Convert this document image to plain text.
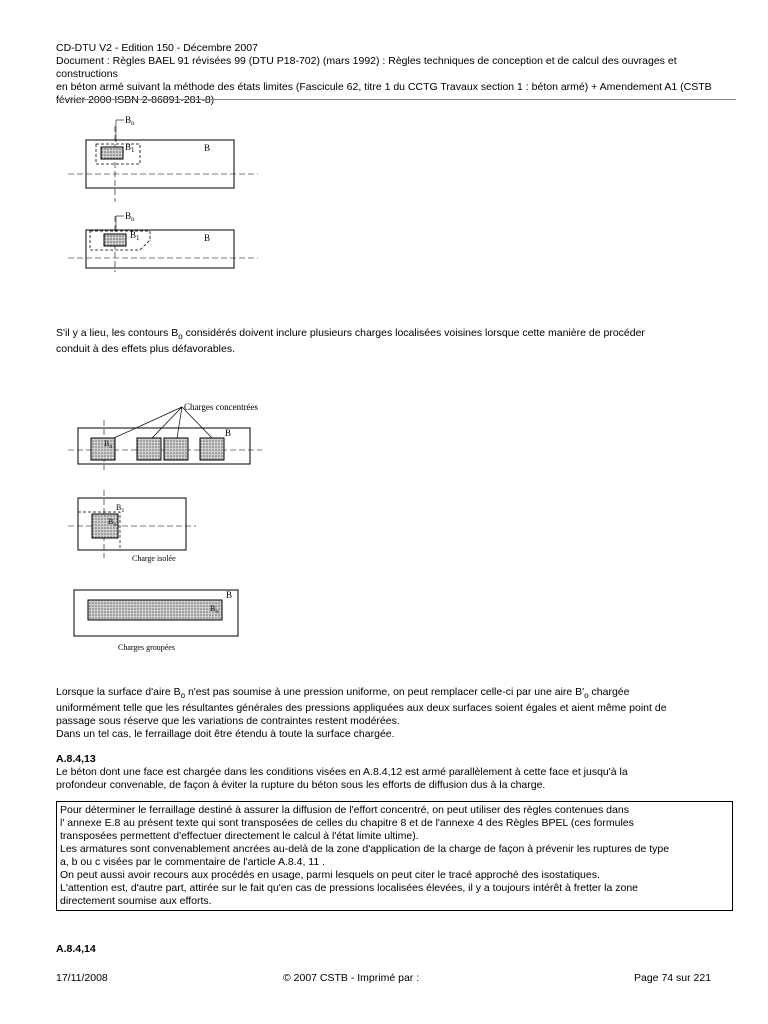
CD-DTU V2 - Edition 150 - Décembre 2007
Document : Règles BAEL 91 révisées 99 (DTU P18-702) (mars 1992) : Règles techniques de conception et de calcul des ouvrages et constructions
en béton armé suivant la méthode des états limites (Fascicule 62, titre 1 du CCTG Travaux section 1 : béton armé) + Amendement A1 (CSTB
février 2000 ISBN 2-86891-281-8)
$B_o$
$B_1$	B
$B_o$
$B_1$	B
S'il y a lieu, les contours $B_o$ considérés doivent inclure plusieurs charges localisées voisines lorsque cette manière de procéder
conduit à des effets plus défavorables.
Charges concentrées
$B_o$
B
$B_o$
$B_1$
Charge isolée
$B_o$
B
Charges groupées
Lorsque la surface d'aire $B_o$ n'est pas soumise à une pression uniforme, on peut remplacer celle-ci par une aire $B'_o$ chargée
uniformément telle que les résultantes générales des pressions appliquées aux deux surfaces soient égales et aient même point de
passage sous réserve que les variations de contraintes restent modérées.
Dans un tel cas, le ferraillage doit être étendu à toute la surface chargée.
A.8.4,13
Le béton dont une face est chargée dans les conditions visées en A.8.4,12 est armé parallèlement à cette face et jusqu'à la
profondeur convenable, de façon à éviter la rupture du béton sous les efforts de diffusion dus à la charge.
Pour déterminer le ferraillage destiné à assurer la diffusion de l'effort concentré, on peut utiliser des règles contenues dans
l' annexe E.8 au présent texte qui sont transposées de celles du chapitre 8 et de l'annexe 4 des Règles BPEL (ces formules
transposées permettent d'effectuer directement le calcul à l'état limite ultime).
Les armatures sont convenablement ancrées au-delà de la zone d'application de la charge de façon à prévenir les ruptures de type
a, b ou c visées par le commentaire de l'article A.8.4, 11 .
On peut aussi avoir recours aux procédés en usage, parmi lesquels on peut citer le tracé approché des isostatiques.
L'attention est, d'autre part, attirée sur le fait qu'en cas de pressions localisées élevées, il y a toujours intérêt à fretter la zone
directement soumise aux efforts.
A.8.4,14
17/11/2008	© 2007 CSTB - Imprimé par :	Page 74 sur 221
